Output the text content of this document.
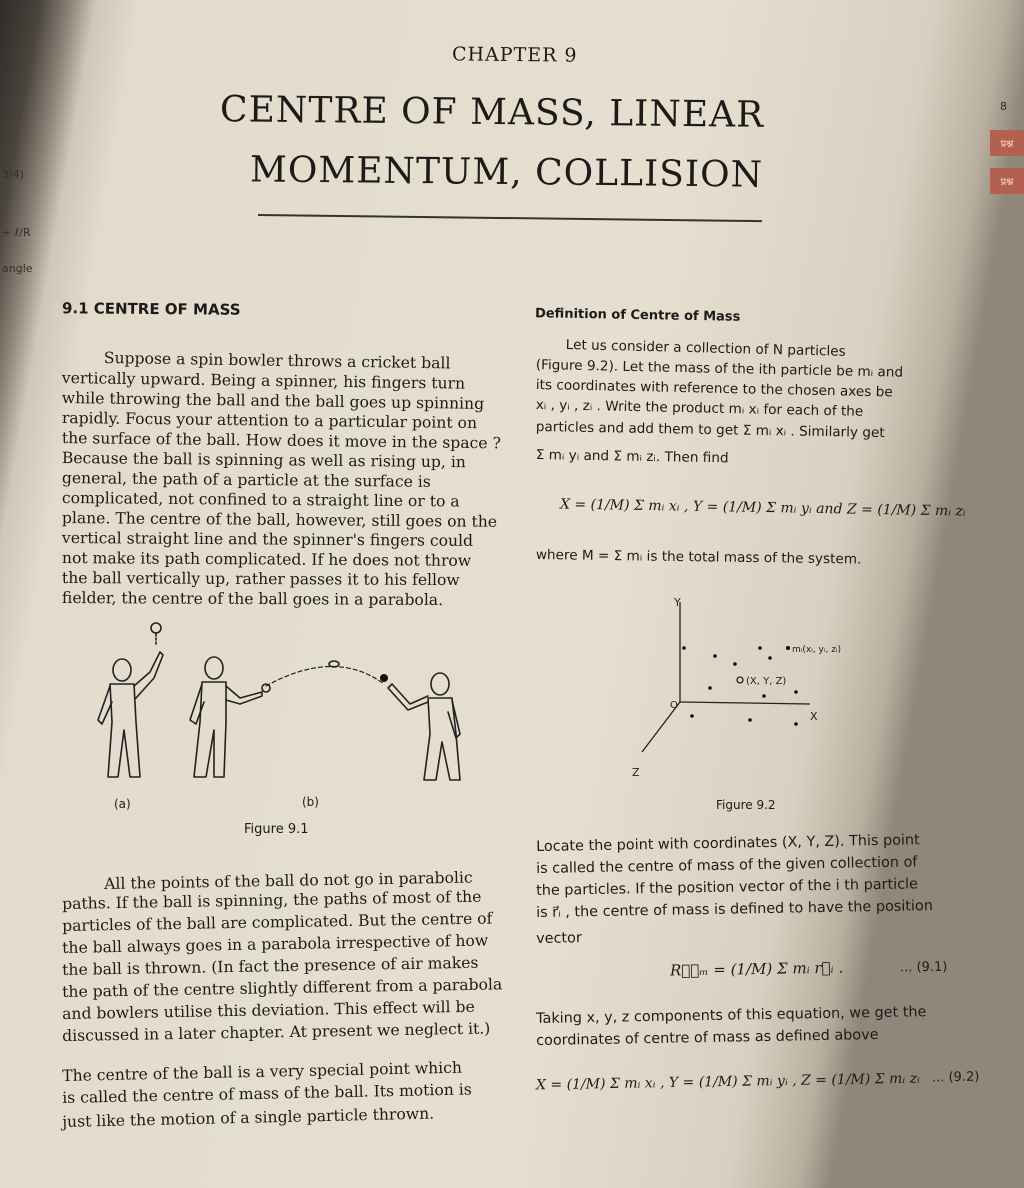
n
3/4)
+ ℓ/R
angle
8
प्रश्न
प्रश्न

CHAPTER 9

CENTRE OF MASS, LINEAR

MOMENTUM, COLLISION

9.1 CENTRE OF MASS	Definition of Centre of Mass

Suppose a spin bowler throws a cricket ball

vertically upward. Being a spinner, his fingers turn

while throwing the ball and the ball goes up spinning

rapidly. Focus your attention to a particular point on

the surface of the ball. How does it move in the space ?

Because the ball is spinning as well as rising up, in

general, the path of a particle at the surface is

complicated, not confined to a straight line or to a

plane. The centre of the ball, however, still goes on the

vertical straight line and the spinner's fingers could

not make its path complicated. If he does not throw

the ball vertically up, rather passes it to his fellow

fielder, the centre of the ball goes in a parabola.

(a)	(b)

Figure 9.1

All the points of the ball do not go in parabolic

paths. If the ball is spinning, the paths of most of the

particles of the ball are complicated. But the centre of

the ball always goes in a parabola irrespective of how

the ball is thrown. (In fact the presence of air makes

the path of the centre slightly different from a parabola

and bowlers utilise this deviation. This effect will be

discussed in a later chapter. At present we neglect it.)

The centre of the ball is a very special point which

is called the centre of mass of the ball. Its motion is

just like the motion of a single particle thrown.

Let us consider a collection of N particles

(Figure 9.2). Let the mass of the ith particle be mᵢ and

its coordinates with reference to the chosen axes be

xᵢ , yᵢ , zᵢ . Write the product mᵢ xᵢ for each of the

particles and add them to get Σ mᵢ xᵢ . Similarly get

Σ mᵢ yᵢ and Σ mᵢ zᵢ. Then find

X = (1/M) Σ mᵢ xᵢ , Y = (1/M) Σ mᵢ yᵢ and Z = (1/M) Σ mᵢ zᵢ

where M = Σ mᵢ is the total mass of the system.

Y
X
Z
O
mᵢ(xᵢ, yᵢ, zᵢ)
(X, Y, Z)

Figure 9.2

Locate the point with coordinates (X, Y, Z). This point

is called the centre of mass of the given collection of

the particles. If the position vector of the i th particle

is r⃗ᵢ , the centre of mass is defined to have the position

vector

R⃗꜀ₘ = (1/M) Σ mᵢ r⃗ᵢ .	... (9.1)

Taking x, y, z components of this equation, we get the

coordinates of centre of mass as defined above

X = (1/M) Σ mᵢ xᵢ , Y = (1/M) Σ mᵢ yᵢ , Z = (1/M) Σ mᵢ zᵢ ... (9.2)
